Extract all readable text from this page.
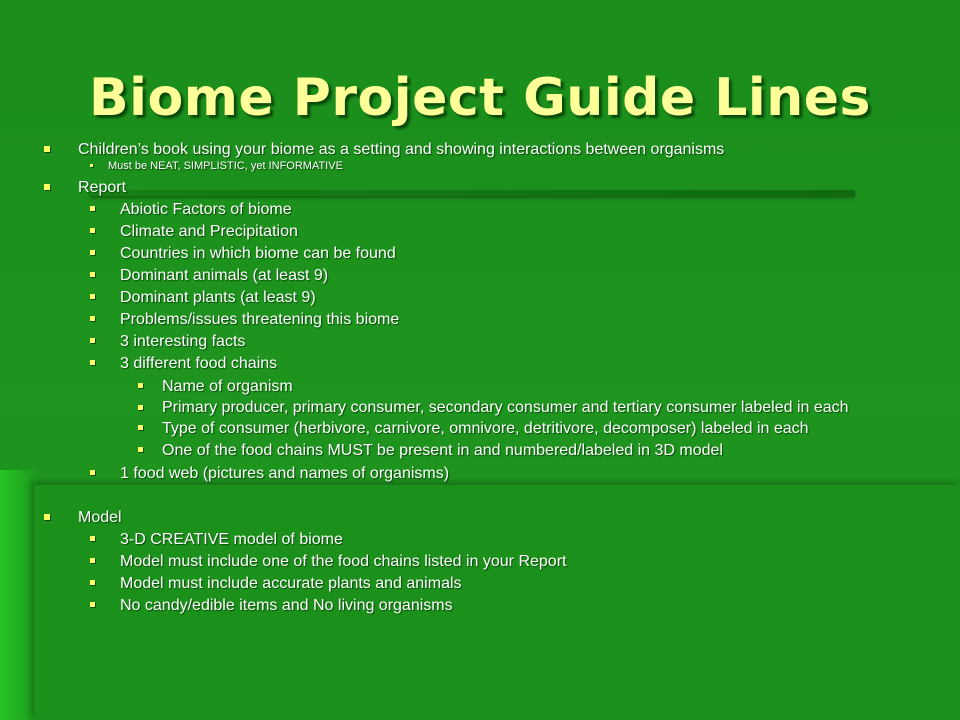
Biome Project Guide Lines
Children’s book using your biome as a setting and showing interactions between organisms
Must be NEAT, SIMPLISTIC, yet INFORMATIVE
Report
Abiotic Factors of biome
Climate and Precipitation
Countries in which biome can be found
Dominant animals (at least 9)
Dominant plants (at least 9)
Problems/issues threatening this biome
3 interesting facts
3 different food chains
Name of organism
Primary producer, primary consumer, secondary consumer and tertiary consumer labeled in each
Type of consumer (herbivore, carnivore, omnivore, detritivore, decomposer) labeled in each
One of the food chains MUST be present in and numbered/labeled in 3D model
1 food web (pictures and names of organisms)
Model
3-D CREATIVE model of biome
Model must include one of the food chains listed in your Report
Model must include accurate plants and animals
No candy/edible items and No living organisms
